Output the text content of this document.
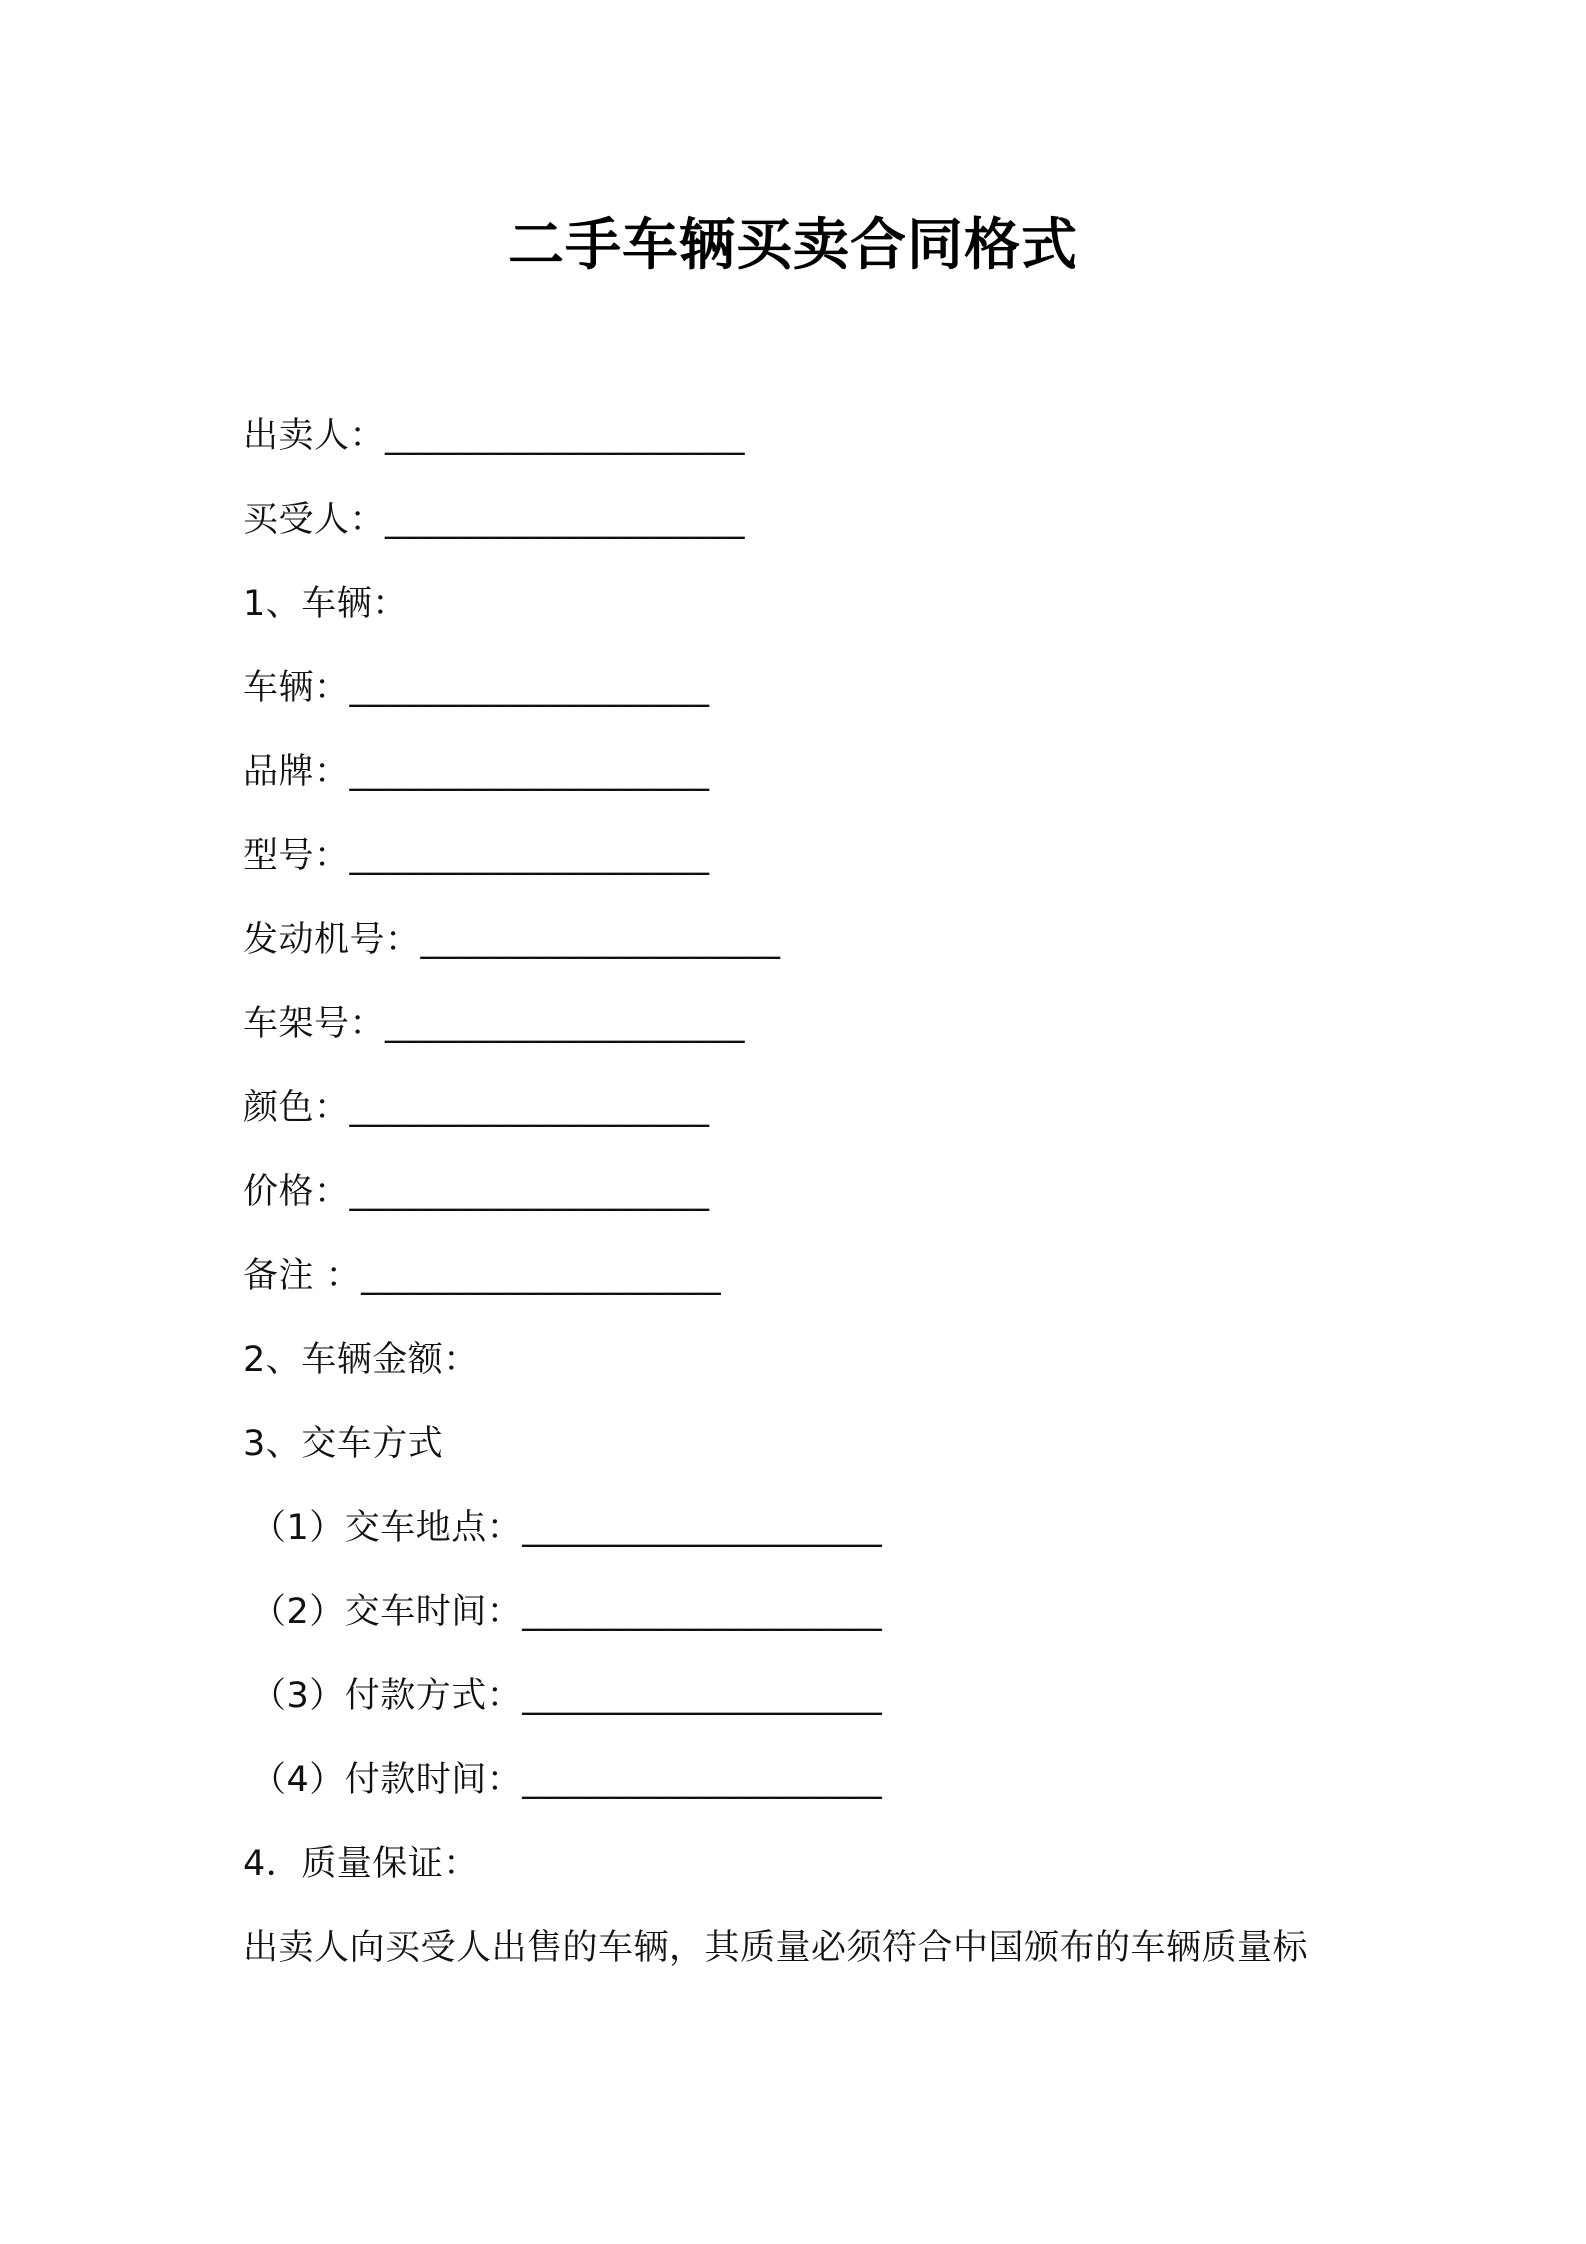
二手车辆买卖合同格式
出卖人：____________________
买受人：____________________
1、车辆：
车辆：____________________
品牌：____________________
型号：____________________
发动机号：____________________
车架号：____________________
颜色：____________________
价格：____________________
备注 ：____________________
2、车辆金额：
3、交车方式
（1）交车地点：____________________
（2）交车时间：____________________
（3）付款方式：____________________
（4）付款时间：____________________
4．质量保证：
出卖人向买受人出售的车辆，其质量必须符合中国颁布的车辆质量标
